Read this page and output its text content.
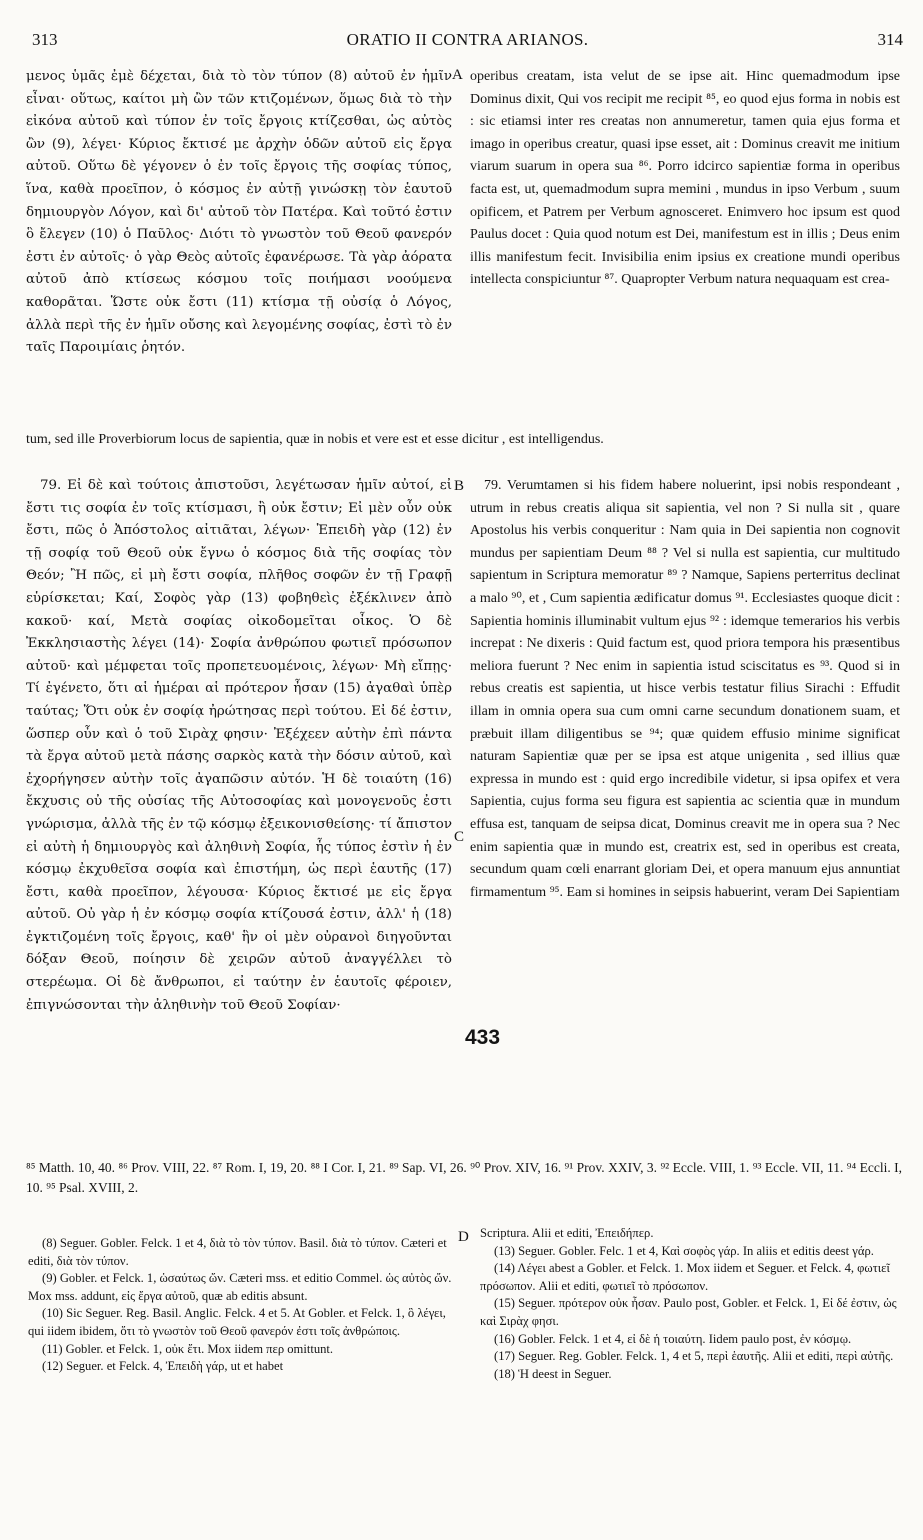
313	ORATIO II CONTRA ARIANOS.	314

μενος ὑμᾶς ἐμὲ δέχεται, διὰ τὸ τὸν τύπον (8) αὐτοῦ ἐν ἡμῖν εἶναι· οὕτως, καίτοι μὴ ὢν τῶν κτιζομένων, ὅμως διὰ τὸ τὴν εἰκόνα αὐτοῦ καὶ τύπον ἐν τοῖς ἔργοις κτίζεσθαι, ὡς αὐτὸς ὢν (9), λέγει· Κύριος ἔκτισέ με ἀρχὴν ὁδῶν αὐτοῦ εἰς ἔργα αὐτοῦ. Οὕτω δὲ γέγονεν ὁ ἐν τοῖς ἔργοις τῆς σοφίας τύπος, ἵνα, καθὰ προεῖπον, ὁ κόσμος ἐν αὐτῇ γινώσκῃ τὸν ἑαυτοῦ δημιουργὸν Λόγον, καὶ δι' αὐτοῦ τὸν Πατέρα. Καὶ τοῦτό ἐστιν ὃ ἔλεγεν (10) ὁ Παῦλος· Διότι τὸ γνωστὸν τοῦ Θεοῦ φανερόν ἐστι ἐν αὐτοῖς· ὁ γὰρ Θεὸς αὐτοῖς ἐφανέρωσε. Τὰ γὰρ ἀόρατα αὐτοῦ ἀπὸ κτίσεως κόσμου τοῖς ποιήμασι νοούμενα καθορᾶται. Ὥστε οὐκ ἔστι (11) κτίσμα τῇ οὐσίᾳ ὁ Λόγος, ἀλλὰ περὶ τῆς ἐν ἡμῖν οὔσης καὶ λεγομένης σοφίας, ἐστὶ τὸ ἐν ταῖς Παροιμίαις ῥητόν.

A operibus creatam, ista velut de se ipse ait. Hinc quemadmodum ipse Dominus dixit, Qui vos recipit me recipit ⁸⁵, eo quod ejus forma in nobis est : sic etiamsi inter res creatas non annumeretur, tamen quia ejus forma et imago in operibus creatur, quasi ipse esset, ait : Dominus creavit me initium viarum suarum in opera sua ⁸⁶. Porro idcirco sapientiæ forma in operibus facta est, ut, quemadmodum supra memini , mundus in ipso Verbum , suum opificem, et Patrem per Verbum agnosceret. Enimvero hoc ipsum est quod Paulus docet : Quia quod notum est Dei, manifestum est in illis ; Deus enim illis manifestum fecit. Invisibilia enim ipsius ex creatione mundi operibus intellecta conspiciuntur ⁸⁷. Quapropter Verbum natura nequaquam est crea-

tum, sed ille Proverbiorum locus de sapientia, quæ in nobis et vere est et esse dicitur , est intelligendus.

79. Εἰ δὲ καὶ τούτοις ἀπιστοῦσι, λεγέτωσαν ἡμῖν αὐτοί, εἰ ἔστι τις σοφία ἐν τοῖς κτίσμασι, ἢ οὐκ ἔστιν; Εἰ μὲν οὖν οὐκ ἔστι, πῶς ὁ Ἀπόστολος αἰτιᾶται, λέγων· Ἐπειδὴ γὰρ (12) ἐν τῇ σοφίᾳ τοῦ Θεοῦ οὐκ ἔγνω ὁ κόσμος διὰ τῆς σοφίας τὸν Θεόν; Ἢ πῶς, εἰ μὴ ἔστι σοφία, πλῆθος σοφῶν ἐν τῇ Γραφῇ εὑρίσκεται; Καί, Σοφὸς γὰρ (13) φοβηθεὶς ἐξέκλινεν ἀπὸ κακοῦ· καί, Μετὰ σοφίας οἰκοδομεῖται οἶκος. Ὁ δὲ Ἐκκλησιαστὴς λέγει (14)· Σοφία ἀνθρώπου φωτιεῖ πρόσωπον αὐτοῦ· καὶ μέμφεται τοῖς προπετευομένοις, λέγων· Μὴ εἴπῃς· Τί ἐγένετο, ὅτι αἱ ἡμέραι αἱ πρότερον ἦσαν (15) ἀγαθαὶ ὑπὲρ ταύτας; Ὅτι οὐκ ἐν σοφίᾳ ἠρώτησας περὶ τούτου. Εἰ δέ ἐστιν, ὥσπερ οὖν καὶ ὁ τοῦ Σιρὰχ φησιν· Ἐξέχεεν αὐτὴν ἐπὶ πάντα τὰ ἔργα αὐτοῦ μετὰ πάσης σαρκὸς κατὰ τὴν δόσιν αὐτοῦ, καὶ ἐχορήγησεν αὐτὴν τοῖς ἀγαπῶσιν αὐτόν. Ἡ δὲ τοιαύτη (16) ἔκχυσις οὐ τῆς οὐσίας τῆς Αὐτοσοφίας καὶ μονογενοῦς ἐστι γνώρισμα, ἀλλὰ τῆς ἐν τῷ κόσμῳ ἐξεικονισθείσης· τί ἄπιστον εἰ αὐτὴ ἡ δημιουργὸς καὶ ἀληθινὴ Σοφία, ἧς τύπος ἐστὶν ἡ ἐν κόσμῳ ἐκχυθεῖσα σοφία καὶ ἐπιστήμη, ὡς περὶ ἑαυτῆς (17) ἔστι, καθὰ προεῖπον, λέγουσα· Κύριος ἔκτισέ με εἰς ἔργα αὐτοῦ. Οὐ γὰρ ἡ ἐν κόσμῳ σοφία κτίζουσά ἐστιν, ἀλλ' ἡ (18) ἐγκτιζομένη τοῖς ἔργοις, καθ' ἣν οἱ μὲν οὐρανοὶ διηγοῦνται δόξαν Θεοῦ, ποίησιν δὲ χειρῶν αὐτοῦ ἀναγγέλλει τὸ στερέωμα. Οἱ δὲ ἄνθρωποι, εἰ ταύτην ἐν ἑαυτοῖς φέροιεν, ἐπιγνώσονται τὴν ἀληθινὴν τοῦ Θεοῦ Σοφίαν·

B
C

79. Verumtamen si his fidem habere noluerint, ipsi nobis respondeant , utrum in rebus creatis aliqua sit sapientia, vel non ? Si nulla sit , quare Apostolus his verbis conqueritur : Nam quia in Dei sapientia non cognovit mundus per sapientiam Deum ⁸⁸ ? Vel si nulla est sapientia, cur multitudo sapientum in Scriptura memoratur ⁸⁹ ? Namque, Sapiens perterritus declinat a malo ⁹⁰, et , Cum sapientia ædificatur domus ⁹¹. Ecclesiastes quoque dicit : Sapientia hominis illuminabit vultum ejus ⁹² : idemque temerarios his verbis increpat : Ne dixeris : Quid factum est, quod priora tempora his præsentibus meliora fuerunt ? Nec enim in sapientia istud sciscitatus es ⁹³. Quod si in rebus creatis est sapientia, ut hisce verbis testatur filius Sirachi : Effudit illam in omnia opera sua cum omni carne secundum donationem suam, et præbuit illam diligentibus se ⁹⁴; quæ quidem effusio minime significat naturam Sapientiæ quæ per se ipsa est atque unigenita , sed illius quæ expressa in mundo est : quid ergo incredibile videtur, si ipsa opifex et vera Sapientia, cujus forma seu figura est sapientia ac scientia quæ in mundum effusa est, tanquam de seipsa dicat, Dominus creavit me in opera sua ? Nec enim sapientia quæ in mundo est, creatrix est, sed in operibus est creata, secundum quam cœli enarrant gloriam Dei, et opera manuum ejus annuntiat firmamentum ⁹⁵. Eam si homines in seipsis habuerint, veram Dei Sapientiam

433
⁸⁵ Matth. 10, 40. ⁸⁶ Prov. VIII, 22. ⁸⁷ Rom. I, 19, 20. ⁸⁸ I Cor. I, 21. ⁸⁹ Sap. VI, 26. ⁹⁰ Prov. XIV, 16. ⁹¹ Prov. XXIV, 3. ⁹² Eccle. VIII, 1. ⁹³ Eccle. VII, 11. ⁹⁴ Eccli. I, 10. ⁹⁵ Psal. XVIII, 2.

(8) Seguer. Gobler. Felck. 1 et 4, διὰ τὸ τὸν τύπον. Basil. διὰ τὸ τύπον. Cæteri et editi, διὰ τὸν τύπον.

(9) Gobler. et Felck. 1, ὡσαύτως ὤν. Cæteri mss. et editio Commel. ὡς αὐτὸς ὤν. Mox mss. addunt, εἰς ἔργα αὐτοῦ, quæ ab editis absunt.

(10) Sic Seguer. Reg. Basil. Anglic. Felck. 4 et 5. At Gobler. et Felck. 1, ὃ λέγει, qui iidem ibidem, ὅτι τὸ γνωστὸν τοῦ Θεοῦ φανερόν ἐστι τοῖς ἀνθρώποις.

(11) Gobler. et Felck. 1, οὐκ ἔτι. Mox iidem περ omittunt.

(12) Seguer. et Felck. 4, Ἐπειδὴ γάρ, ut et habet

D Scriptura. Alii et editi, Ἐπειδήπερ.

(13) Seguer. Gobler. Felc. 1 et 4, Καὶ σοφὸς γάρ. In aliis et editis deest γάρ.

(14) Λέγει abest a Gobler. et Felck. 1. Mox iidem et Seguer. et Felck. 4, φωτιεῖ πρόσωπον. Alii et editi, φωτιεῖ τὸ πρόσωπον.

(15) Seguer. πρότερον οὐκ ἦσαν. Paulo post, Gobler. et Felck. 1, Εἰ δέ ἐστιν, ὡς καὶ Σιρὰχ φησι.

(16) Gobler. Felck. 1 et 4, εἰ δὲ ἡ τοιαύτη. Iidem paulo post, ἐν κόσμῳ.

(17) Seguer. Reg. Gobler. Felck. 1, 4 et 5, περὶ ἑαυτῆς. Alii et editi, περὶ αὐτῆς.

(18) Ἡ deest in Seguer.
